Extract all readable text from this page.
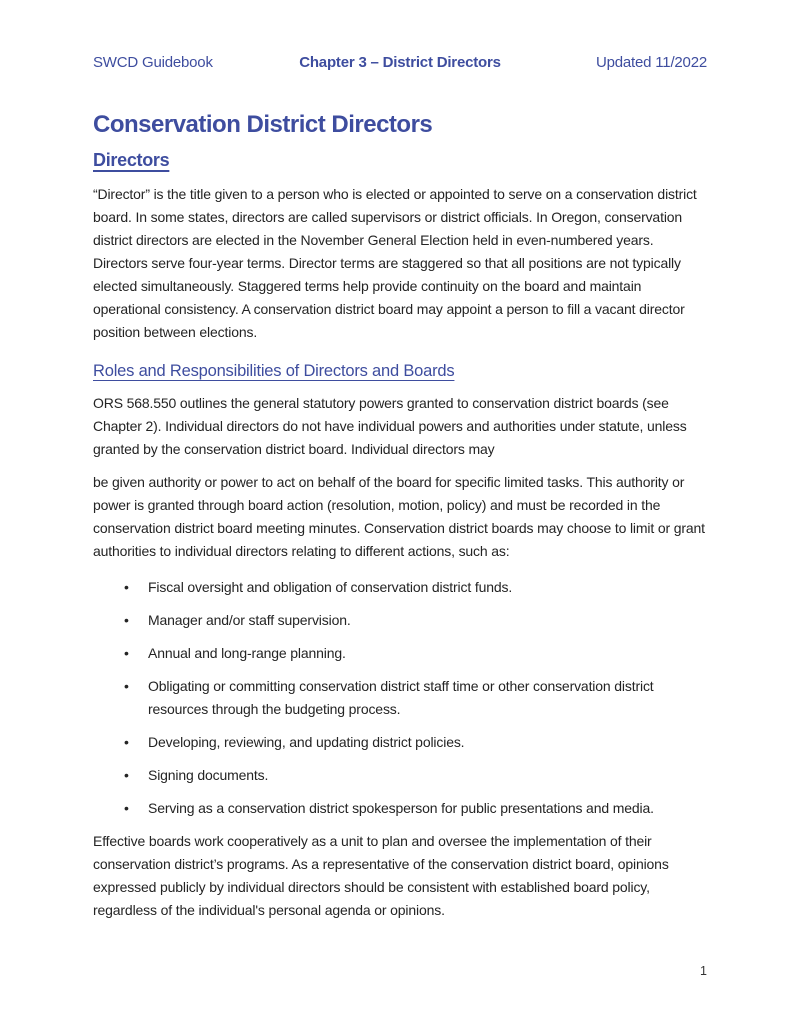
SWCD Guidebook	Chapter 3 – District Directors	Updated 11/2022
Conservation District Directors
Directors

“Director” is the title given to a person who is elected or appointed to serve on a conservation district board. In some states, directors are called supervisors or district officials. In Oregon, conservation district directors are elected in the November General Election held in even-numbered years. Directors serve four-year terms. Director terms are staggered so that all positions are not typically elected simultaneously. Staggered terms help provide continuity on the board and maintain operational consistency. A conservation district board may appoint a person to fill a vacant director position between elections.

Roles and Responsibilities of Directors and Boards

ORS 568.550 outlines the general statutory powers granted to conservation district boards (see Chapter 2). Individual directors do not have individual powers and authorities under statute, unless granted by the conservation district board. Individual directors may

be given authority or power to act on behalf of the board for specific limited tasks. This authority or power is granted through board action (resolution, motion, policy) and must be recorded in the conservation district board meeting minutes. Conservation district boards may choose to limit or grant authorities to individual directors relating to different actions, such as:

• Fiscal oversight and obligation of conservation district funds.
• Manager and/or staff supervision.
• Annual and long-range planning.
• Obligating or committing conservation district staff time or other conservation district resources through the budgeting process.
• Developing, reviewing, and updating district policies.
• Signing documents.
• Serving as a conservation district spokesperson for public presentations and media.

Effective boards work cooperatively as a unit to plan and oversee the implementation of their conservation district’s programs. As a representative of the conservation district board, opinions expressed publicly by individual directors should be consistent with established board policy, regardless of the individual's personal agenda or opinions.

1
